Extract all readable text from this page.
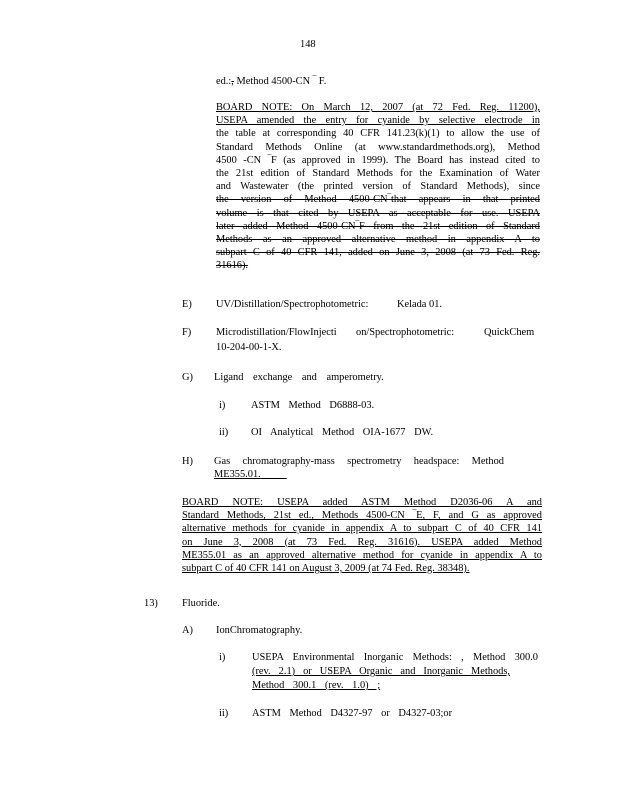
148
ed.:, Method 4500-CN ‾ F.
BOARD NOTE: On March 12, 2007 (at 72 Fed. Reg. 11200),
USEPA amended the entry for cyanide by selective electrode in
the table at corresponding 40 CFR 141.23(k)(1) to allow the use of
Standard Methods Online (at www.standardmethods.org), Method
4500 -CN ‾F (as approved in 1999). The Board has instead cited to
the 21st edition of Standard Methods for the Examination of Water
and Wastewater (the printed version of Standard Methods), since
the version of Method 4500-CN‾that appears in that printed
volume is that cited by USEPA as acceptable for use. USEPA
later added Method 4500-CN‾F from the 21st edition of Standard
Methods as an approved alternative method in appendix A to
subpart C of 40 CFR 141, added on June 3, 2008 (at 73 Fed. Reg.
31616).
E) UV/Distillation/Spectrophotometric:	Kelada 01.
F) Microdistillation/FlowInjecti on/Spectrophotometric:	QuickChem
10-204-00-1-X.
G) Ligand exchange and amperometry.
i) ASTM Method D6888-03.
ii) OI Analytical Method OIA-1677 DW.
H) Gas chromatography-mass spectrometry headspace: Method
ME355.01.
BOARD NOTE: USEPA added ASTM Method D2036-06 A and
Standard Methods, 21st ed., Methods 4500-CN ‾E, F, and G as approved
alternative methods for cyanide in appendix A to subpart C of 40 CFR 141
on June 3, 2008 (at 73 Fed. Reg. 31616). USEPA added Method
ME355.01 as an approved alternative method for cyanide in appendix A to
subpart C of 40 CFR 141 on August 3, 2009 (at 74 Fed. Reg. 38348).
13) Fluoride.
A) IonChromatography.
i)	USEPA Environmental Inorganic Methods: , Method 300.0
(rev. 2.1) or USEPA Organic and Inorganic Methods,
Method 300.1 (rev. 1.0) ;
ii) ASTM Method D4327-97 or D4327-03;or
